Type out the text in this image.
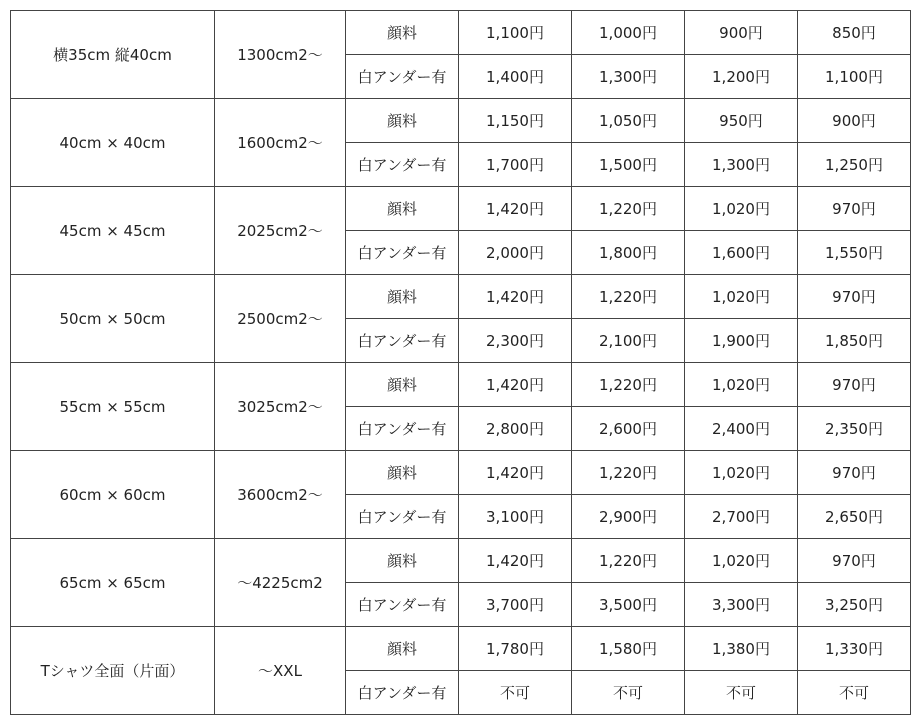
横35cm 縦40cm	1300cm2〜	顔料	1,100円	1,000円	900円	850円
		白アンダー有	1,400円	1,300円	1,200円	1,100円
40cm × 40cm	1600cm2〜	顔料	1,150円	1,050円	950円	900円
		白アンダー有	1,700円	1,500円	1,300円	1,250円
45cm × 45cm	2025cm2〜	顔料	1,420円	1,220円	1,020円	970円
		白アンダー有	2,000円	1,800円	1,600円	1,550円
50cm × 50cm	2500cm2〜	顔料	1,420円	1,220円	1,020円	970円
		白アンダー有	2,300円	2,100円	1,900円	1,850円
55cm × 55cm	3025cm2〜	顔料	1,420円	1,220円	1,020円	970円
		白アンダー有	2,800円	2,600円	2,400円	2,350円
60cm × 60cm	3600cm2〜	顔料	1,420円	1,220円	1,020円	970円
		白アンダー有	3,100円	2,900円	2,700円	2,650円
65cm × 65cm	〜4225cm2	顔料	1,420円	1,220円	1,020円	970円
		白アンダー有	3,700円	3,500円	3,300円	3,250円
Tシャツ全面（片面）	〜XXL	顔料	1,780円	1,580円	1,380円	1,330円
		白アンダー有	不可	不可	不可	不可
